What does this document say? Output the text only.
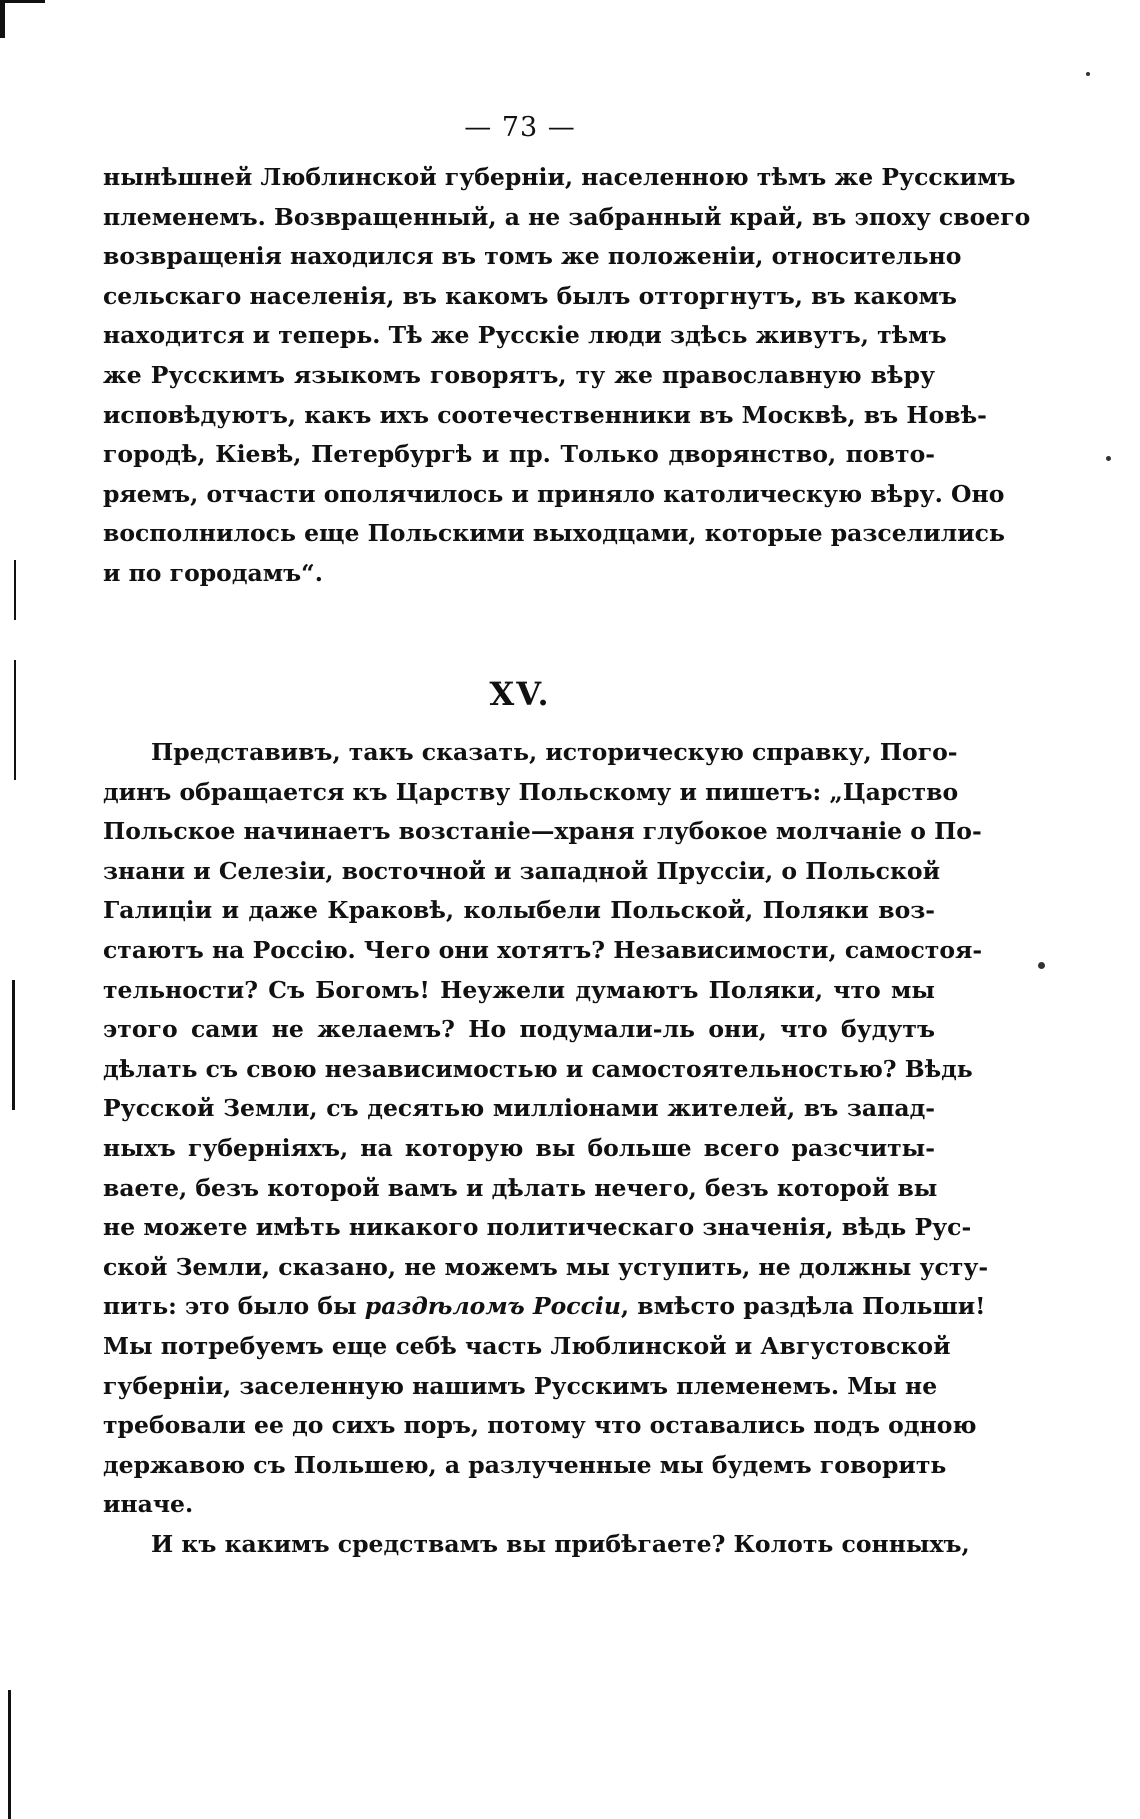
— 73 —
нынѣшней Люблинской губерніи, населенною тѣмъ же Русскимъ
племенемъ. Возвращенный, а не забранный край, въ эпоху своего
возвращенія находился въ томъ же положеніи, относительно
сельскаго населенія, въ какомъ былъ отторгнутъ, въ какомъ
находится и теперь. Тѣ же Русскіе люди здѣсь живутъ, тѣмъ
же Русскимъ языкомъ говорятъ, ту же православную вѣру
исповѣдуютъ, какъ ихъ соотечественники въ Москвѣ, въ Новѣ-
городѣ, Кіевѣ, Петербургѣ и пр. Только дворянство, повто-
ряемъ, отчасти ополячилось и приняло католическую вѣру. Оно
восполнилось еще Польскими выходцами, которые разселились
и по городамъ“.
XV.
Представивъ, такъ сказать, историческую справку, Пого-
динъ обращается къ Царству Польскому и пишетъ: „Царство
Польское начинаетъ возстаніе—храня глубокое молчаніе о По-
знани и Селезіи, восточной и западной Пруссіи, о Польской
Галиціи и даже Краковѣ, колыбели Польской, Поляки воз-
стаютъ на Россію. Чего они хотятъ? Независимости, самостоя-
тельности? Съ Богомъ! Неужели думаютъ Поляки, что мы
этого сами не желаемъ? Но подумали-ль они, что будутъ
дѣлать съ свою независимостью и самостоятельностью? Вѣдь
Русской Земли, съ десятью милліонами жителей, въ запад-
ныхъ губерніяхъ, на которую вы больше всего разсчиты-
ваете, безъ которой вамъ и дѣлать нечего, безъ которой вы
не можете имѣть никакого политическаго значенія, вѣдь Рус-
ской Земли, сказано, не можемъ мы уступить, не должны усту-
пить: это было бы раздѣломъ Россіи, вмѣсто раздѣла Польши!
Мы потребуемъ еще себѣ часть Люблинской и Августовской
губерніи, заселенную нашимъ Русскимъ племенемъ. Мы не
требовали ее до сихъ поръ, потому что оставались подъ одною
державою съ Польшею, а разлученные мы будемъ говорить
иначе.
И къ какимъ средствамъ вы прибѣгаете? Колоть сонныхъ,
